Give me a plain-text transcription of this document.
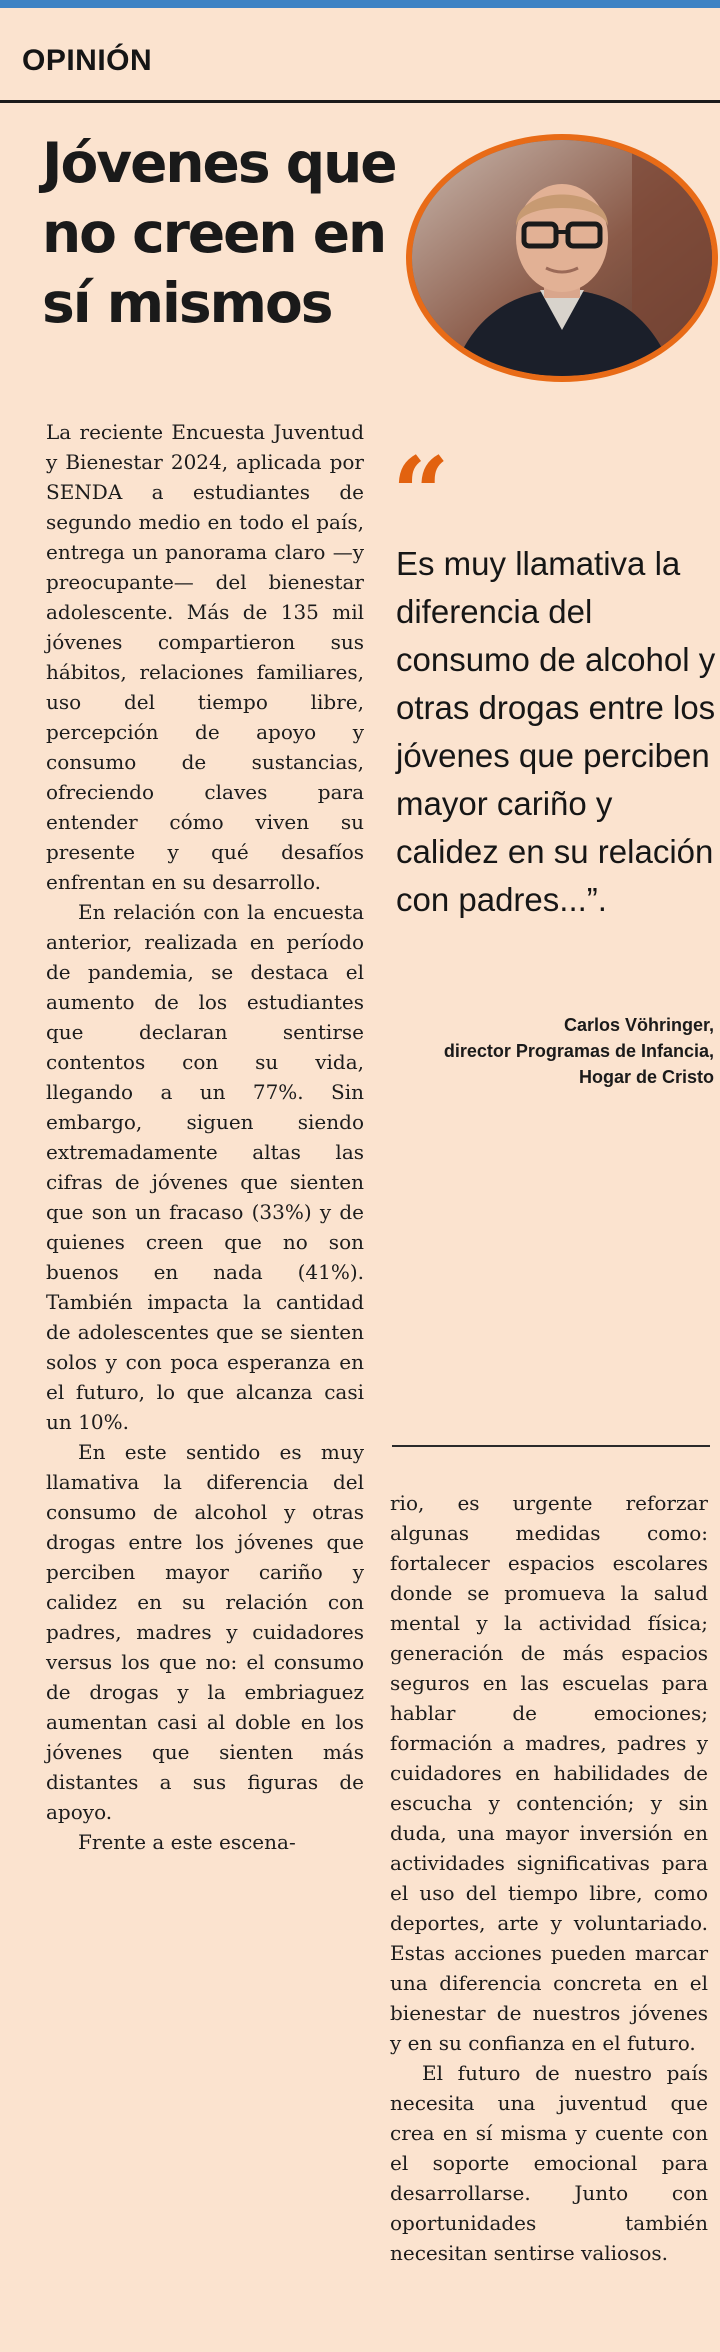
OPINIÓN
Jóvenes que no creen en sí mismos

La reciente Encuesta Juventud y Bienestar 2024, aplicada por SENDA a estudiantes de segundo medio en todo el país, entrega un panorama claro —y preocupante— del bienestar adolescente. Más de 135 mil jóvenes compartieron sus hábitos, relaciones familiares, uso del tiempo libre, percepción de apoyo y consumo de sustancias, ofreciendo claves para entender cómo viven su presente y qué desafíos enfrentan en su desarrollo.

En relación con la encuesta anterior, realizada en período de pandemia, se destaca el aumento de los estudiantes que declaran sentirse contentos con su vida, llegando a un 77%. Sin embargo, siguen siendo extremadamente altas las cifras de jóvenes que sienten que son un fracaso (33%) y de quienes creen que no son buenos en nada (41%). También impacta la cantidad de adolescentes que se sienten solos y con poca esperanza en el futuro, lo que alcanza casi un 10%.

En este sentido es muy llamativa la diferencia del consumo de alcohol y otras drogas entre los jóvenes que perciben mayor cariño y calidez en su relación con padres, madres y cuidadores versus los que no: el consumo de drogas y la embriaguez aumentan casi al doble en los jóvenes que sienten más distantes a sus figuras de apoyo.

Frente a este escena-

“

Es muy llamativa la diferencia del consumo de alcohol y otras drogas entre los jóvenes que perciben mayor cariño y calidez en su relación con padres...”.

Carlos Vöhringer,
director Programas de Infancia,
Hogar de Cristo

rio, es urgente reforzar algunas medidas como: fortalecer espacios escolares donde se promueva la salud mental y la actividad física; generación de más espacios seguros en las escuelas para hablar de emociones; formación a madres, padres y cuidadores en habilidades de escucha y contención; y sin duda, una mayor inversión en actividades significativas para el uso del tiempo libre, como deportes, arte y voluntariado. Estas acciones pueden marcar una diferencia concreta en el bienestar de nuestros jóvenes y en su confianza en el futuro.

El futuro de nuestro país necesita una juventud que crea en sí misma y cuente con el soporte emocional para desarrollarse. Junto con oportunidades también necesitan sentirse valiosos.
